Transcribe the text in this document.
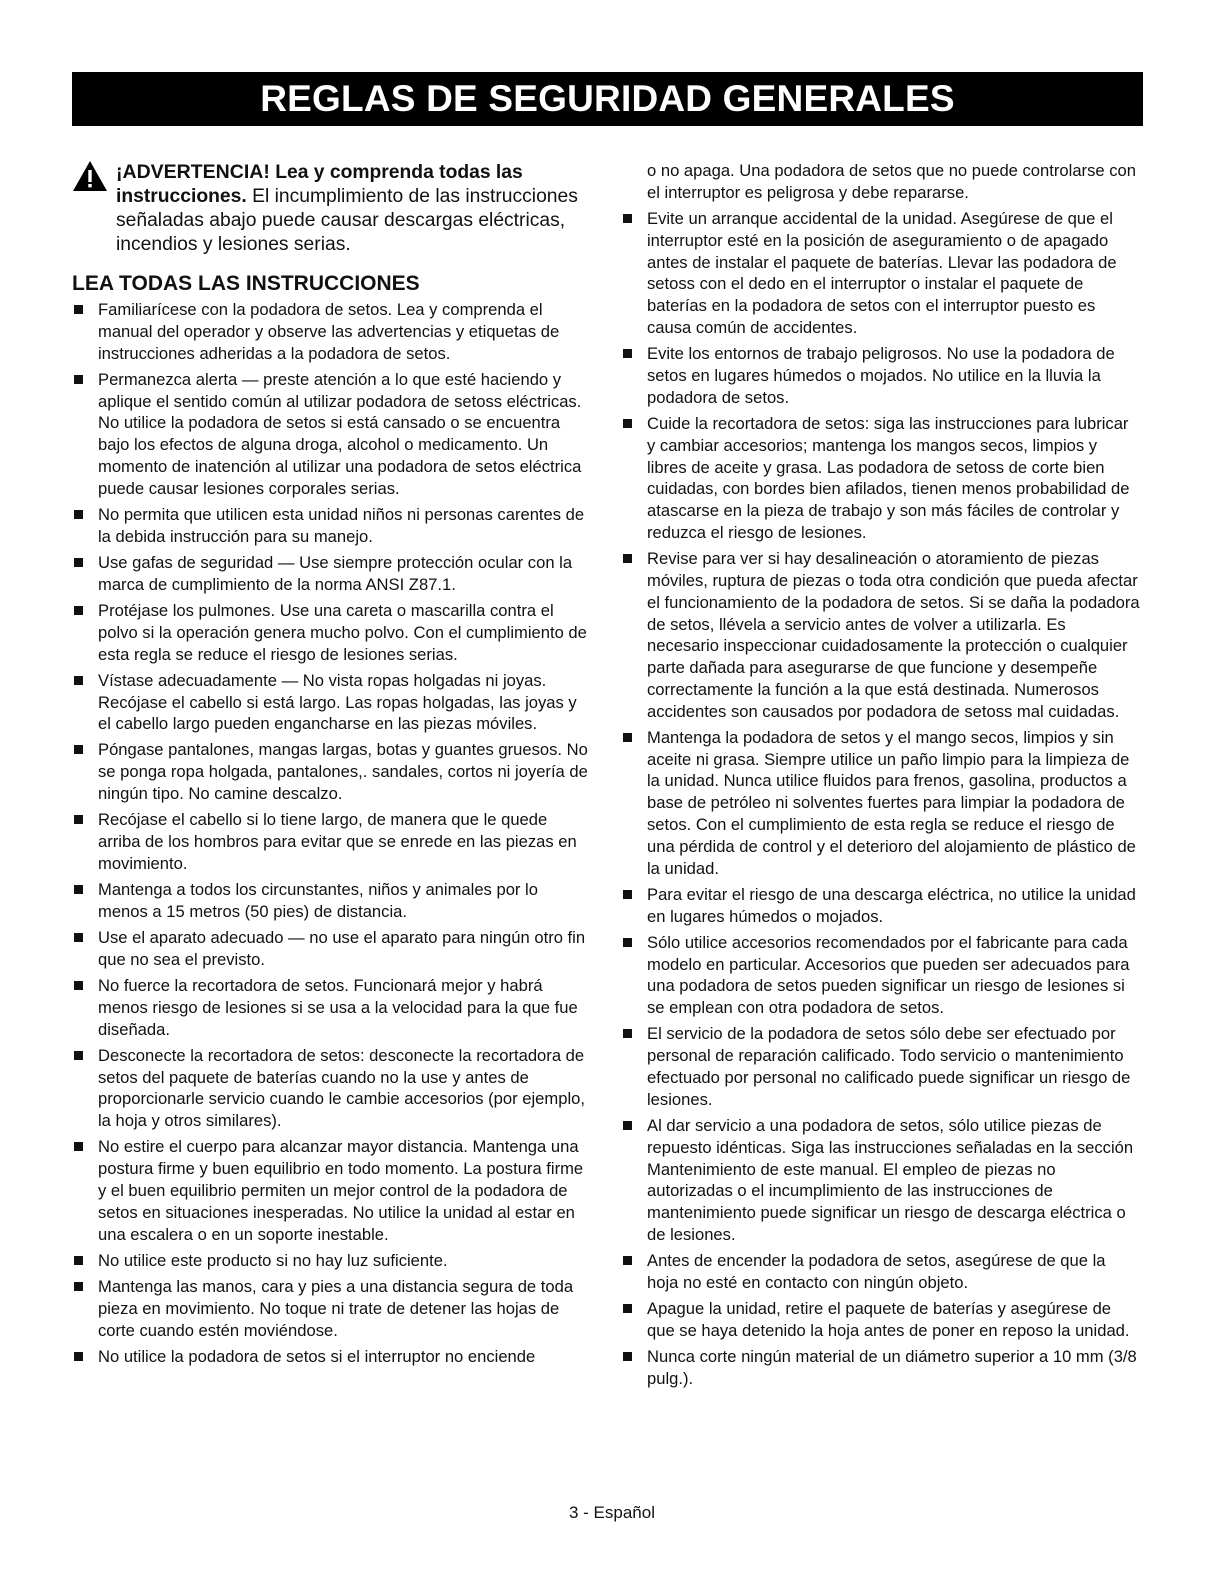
REGLAS DE SEGURIDAD GENERALES
¡ADVERTENCIA! Lea y comprenda todas las instrucciones. El incumplimiento de las instrucciones señaladas abajo puede causar descargas eléctricas, incendios y lesiones serias.
LEA TODAS LAS INSTRUCCIONES
Familiarícese con la podadora de setos. Lea y comprenda el manual del operador y observe las advertencias y etiquetas de instrucciones adheridas a la podadora de setos.
Permanezca alerta — preste atención a lo que esté haciendo y aplique el sentido común al utilizar podadora de setoss eléctricas. No utilice la podadora de setos si está cansado o se encuentra bajo los efectos de alguna droga, alcohol o medicamento. Un momento de inatención al utilizar una podadora de setos eléctrica puede causar lesiones corporales serias.
No permita que utilicen esta unidad niños ni personas carentes de la debida instrucción para su manejo.
Use gafas de seguridad — Use siempre protección ocular con la marca de cumplimiento de la norma ANSI Z87.1.
Protéjase los pulmones. Use una careta o mascarilla contra el polvo si la operación genera mucho polvo. Con el cumplimiento de esta regla se reduce el riesgo de lesiones serias.
Vístase adecuadamente — No vista ropas holgadas ni joyas. Recójase el cabello si está largo. Las ropas holgadas, las joyas y el cabello largo pueden engancharse en las piezas móviles.
Póngase pantalones, mangas largas, botas y guantes gruesos. No se ponga ropa holgada, pantalones,. sandales, cortos ni joyería de ningún tipo. No camine descalzo.
Recójase el cabello si lo tiene largo, de manera que le quede arriba de los hombros para evitar que se enrede en las piezas en movimiento.
Mantenga a todos los circunstantes, niños y animales por lo menos a 15 metros (50 pies) de distancia.
Use el aparato adecuado — no use el aparato para ningún otro fin que no sea el previsto.
No fuerce la recortadora de setos. Funcionará mejor y habrá menos riesgo de lesiones si se usa a la velocidad para la que fue diseñada.
Desconecte la recortadora de setos: desconecte la recortadora de setos del paquete de baterías cuando no la use y antes de proporcionarle servicio cuando le cambie accesorios (por ejemplo, la hoja y otros similares).
No estire el cuerpo para alcanzar mayor distancia. Mantenga una postura firme y buen equilibrio en todo momento. La postura firme y el buen equilibrio permiten un mejor control de la podadora de setos en situaciones inesperadas. No utilice la unidad al estar en una escalera o en un soporte inestable.
No utilice este producto si no hay luz suficiente.
Mantenga las manos, cara y pies a una distancia segura de toda pieza en movimiento. No toque ni trate de detener las hojas de corte cuando estén moviéndose.
No utilice la podadora de setos si el interruptor no enciende
o no apaga. Una podadora de setos que no puede controlarse con el interruptor es peligrosa y debe repararse.
Evite un arranque accidental de la unidad. Asegúrese de que el interruptor esté en la posición de aseguramiento o de apagado antes de instalar el paquete de baterías. Llevar las podadora de setoss con el dedo en el interruptor o instalar el paquete de baterías en la podadora de setos con el interruptor puesto es causa común de accidentes.
Evite los entornos de trabajo peligrosos. No use la podadora de setos en lugares húmedos o mojados. No utilice en la lluvia la podadora de setos.
Cuide la recortadora de setos: siga las instrucciones para lubricar y cambiar accesorios; mantenga los mangos secos, limpios y libres de aceite y grasa. Las podadora de setoss de corte bien cuidadas, con bordes bien afilados, tienen menos probabilidad de atascarse en la pieza de trabajo y son más fáciles de controlar y reduzca el riesgo de lesiones.
Revise para ver si hay desalineación o atoramiento de piezas móviles, ruptura de piezas o toda otra condición que pueda afectar el funcionamiento de la podadora de setos. Si se daña la podadora de setos, llévela a servicio antes de volver a utilizarla. Es necesario inspeccionar cuidadosamente la protección o cualquier parte dañada para asegurarse de que funcione y desempeñe correctamente la función a la que está destinada. Numerosos accidentes son causados por podadora de setoss mal cuidadas.
Mantenga la podadora de setos y el mango secos, limpios y sin aceite ni grasa. Siempre utilice un paño limpio para la limpieza de la unidad. Nunca utilice fluidos para frenos, gasolina, productos a base de petróleo ni solventes fuertes para limpiar la podadora de setos. Con el cumplimiento de esta regla se reduce el riesgo de una pérdida de control y el deterioro del alojamiento de plástico de la unidad.
Para evitar el riesgo de una descarga eléctrica, no utilice la unidad en lugares húmedos o mojados.
Sólo utilice accesorios recomendados por el fabricante para cada modelo en particular. Accesorios que pueden ser adecuados para una podadora de setos pueden significar un riesgo de lesiones si se emplean con otra podadora de setos.
El servicio de la podadora de setos sólo debe ser efectuado por personal de reparación calificado. Todo servicio o mantenimiento efectuado por personal no calificado puede significar un riesgo de lesiones.
Al dar servicio a una podadora de setos, sólo utilice piezas de repuesto idénticas. Siga las instrucciones señaladas en la sección Mantenimiento de este manual. El empleo de piezas no autorizadas o el incumplimiento de las instrucciones de mantenimiento puede significar un riesgo de descarga eléctrica o de lesiones.
Antes de encender la podadora de setos, asegúrese de que la hoja no esté en contacto con ningún objeto.
Apague la unidad, retire el paquete de baterías y asegúrese de que se haya detenido la hoja antes de poner en reposo la unidad.
Nunca corte ningún material de un diámetro superior a 10 mm (3/8 pulg.).
3 - Español
